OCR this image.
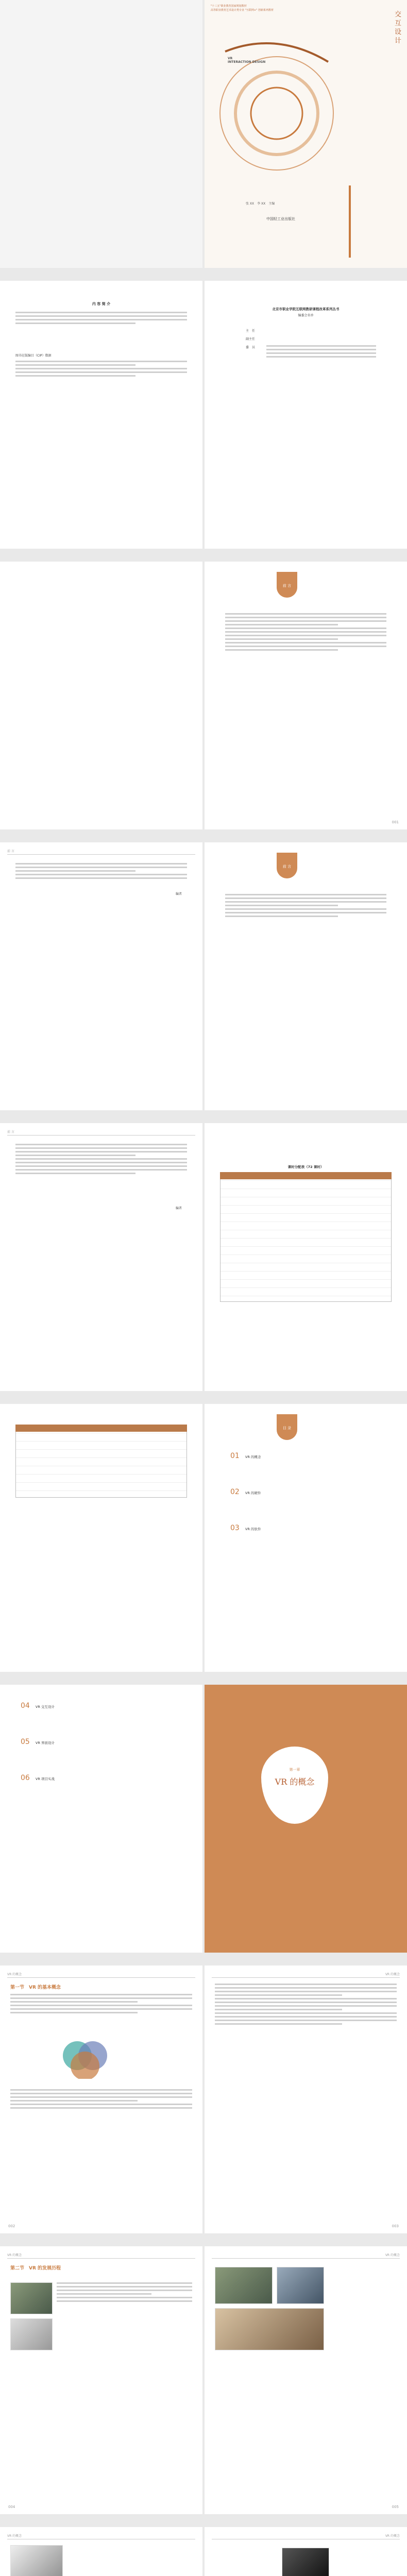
"十三五"职业教育国家规划教材
高等职业教育艺术设计类专业 "互联网+" 创新系列教材
VR
INTERACTION DESIGN
交互设计
张 XX　李 XX　主编
中国轻工业出版社
内 容 简 介
图书在版编目（CIP）数据
北京市职业学院互联网教研课程改革系列丛书
编委会名单
主　任
副主任
委　员
前 言
001
前 言
编者
前 言
前 言
编者
课时分配表（72 课时）
目 录
01 VR 的概念
02 VR 的硬件
03 VR 的软件
04 VR 交互设计
05 VR 界面设计
06 VR 项目实战
第一章
VR 的概念
VR 的概念
第一节　VR 的基本概念
002
VR 的概念
003
VR 的概念
第二节　VR 的发展历程
004
VR 的概念
005
VR 的概念	VR 的概念
